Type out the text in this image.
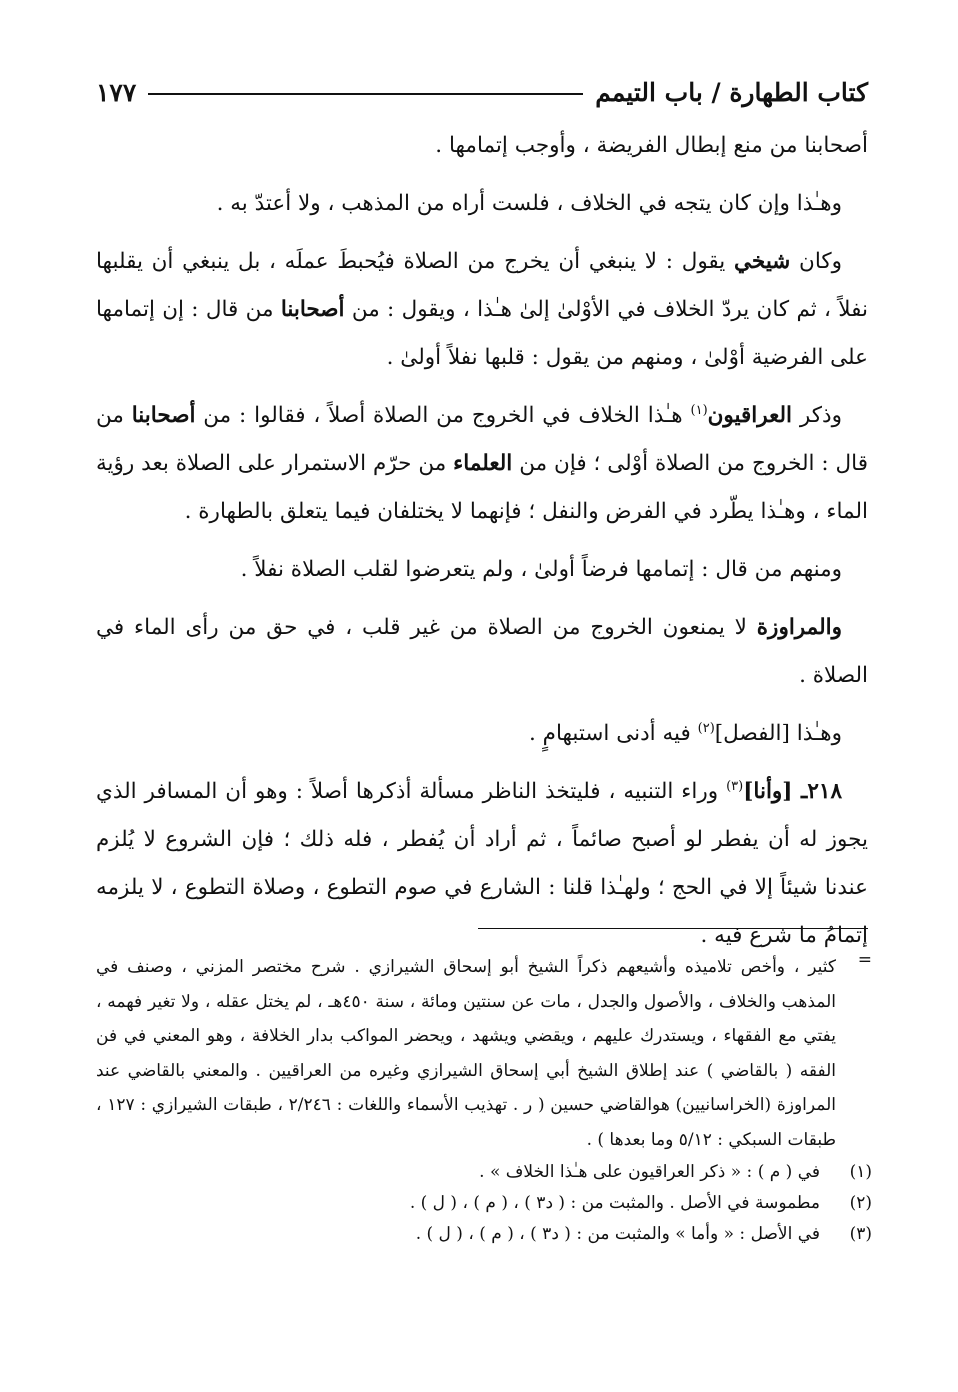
كتاب الطهارة / باب التيمم
١٧٧

أصحابنا من منع إبطال الفريضة ، وأوجب إتمامها .

وهـٰذا وإن كان يتجه في الخلاف ، فلست أراه من المذهب ، ولا أعتدّ به .

وكان شيخي يقول : لا ينبغي أن يخرج من الصلاة فيُحبطَ عملَه ، بل ينبغي أن يقلبها نفلاً ، ثم كان يردّ الخلاف في الأوْلىٰ إلىٰ هـٰذا ، ويقول : من أصحابنا من قال : إن إتمامها على الفرضية أوْلىٰ ، ومنهم من يقول : قلبها نفلاً أولىٰ .

وذكر العراقيون$^{(١)}$ هـٰذا الخلاف في الخروج من الصلاة أصلاً ، فقالوا : من أصحابنا من قال : الخروج من الصلاة أوْلى ؛ فإن من العلماء من حرّم الاستمرار على الصلاة بعد رؤية الماء ، وهـٰذا يطّرد في الفرض والنفل ؛ فإنهما لا يختلفان فيما يتعلق بالطهارة .

ومنهم من قال : إتمامها فرضاً أولىٰ ، ولم يتعرضوا لقلب الصلاة نفلاً .

والمراوزة لا يمنعون الخروج من الصلاة من غير قلب ، في حق من رأى الماء في الصلاة .

وهـٰذا [الفصل]$^{(٢)}$ فيه أدنى استبهامٍ .

٢١٨ـ [وأنا]$^{(٣)}$ وراء التنبيه ، فليتخذ الناظر مسألة أذكرها أصلاً : وهو أن المسافر الذي يجوز له أن يفطر لو أصبح صائماً ، ثم أراد أن يُفطر ، فله ذلك ؛ فإن الشروع لا يُلزم عندنا شيئاً إلا في الحج ؛ ولهـٰذا قلنا : الشارع في صوم التطوع ، وصلاة التطوع ، لا يلزمه إتمامُ ما شرع فيه .

=
كثير ، وأخص تلاميذه وأشيعهم ذكراً الشيخ أبو إسحاق الشيرازي . شرح مختصر المزني ، وصنف في المذهب والخلاف ، والأصول والجدل ، مات عن سنتين ومائة ، سنة ٤٥٠هـ ، لم يختل عقله ، ولا تغير فهمه ، يفتي مع الفقهاء ، ويستدرك عليهم ، ويقضي ويشهد ، ويحضر المواكب بدار الخلافة ، وهو المعني في فن الفقه ( بالقاضي ) عند إطلاق الشيخ أبي إسحاق الشيرازي وغيره من العراقيين . والمعني بالقاضي عند المراوزة (الخراسانيين) هوالقاضي حسين ( ر . تهذيب الأسماء واللغات : ٢/٢٤٦ ، طبقات الشيرازي : ١٢٧ ، طبقات السبكي : ٥/١٢ وما بعدها ) .
(١)
في ( م ) : « ذكر العراقيون على هـٰذا الخلاف » .
(٢)
مطموسة في الأصل . والمثبت من : ( د٣ ) ، ( م ) ، ( ل ) .
(٣)
في الأصل : « وأما » والمثبت من : ( د٣ ) ، ( م ) ، ( ل ) .
